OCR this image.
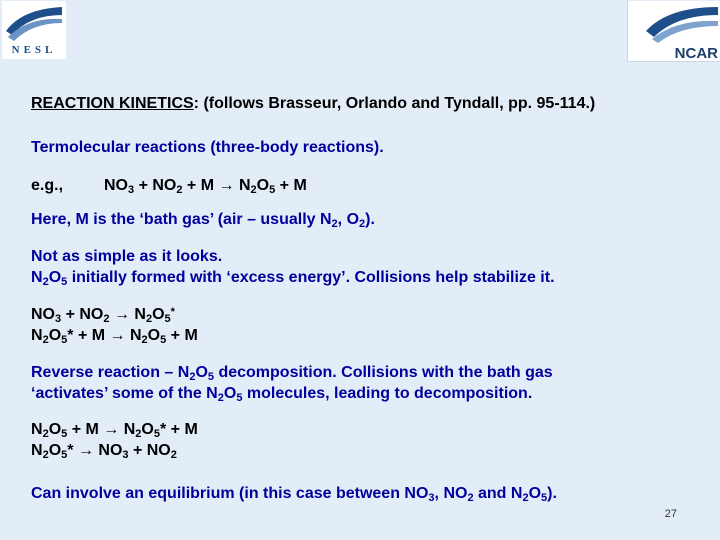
NESL	NCAR
REACTION KINETICS: (follows Brasseur, Orlando and Tyndall, pp. 95-114.)
Termolecular reactions (three-body reactions).
e.g.,	$NO_3 + NO_2 + M \to N_2O_5 + M$
Here, M is the ‘bath gas’ (air – usually $N_2$, $O_2$).
Not as simple as it looks.
$N_2O_5$ initially formed with ‘excess energy’. Collisions help stabilize it.
$NO_3 + NO_2 \to N_2O_5^*$
$N_2O_5* + M \to N_2O_5 + M$
Reverse reaction – $N_2O_5$ decomposition. Collisions with the bath gas
‘activates’ some of the $N_2O_5$ molecules, leading to decomposition.
$N_2O_5 + M \to N_2O_5* + M$
$N_2O_5* \to NO_3 + NO_2$
Can involve an equilibrium (in this case between $NO_3$, $NO_2$ and $N_2O_5$).
27
